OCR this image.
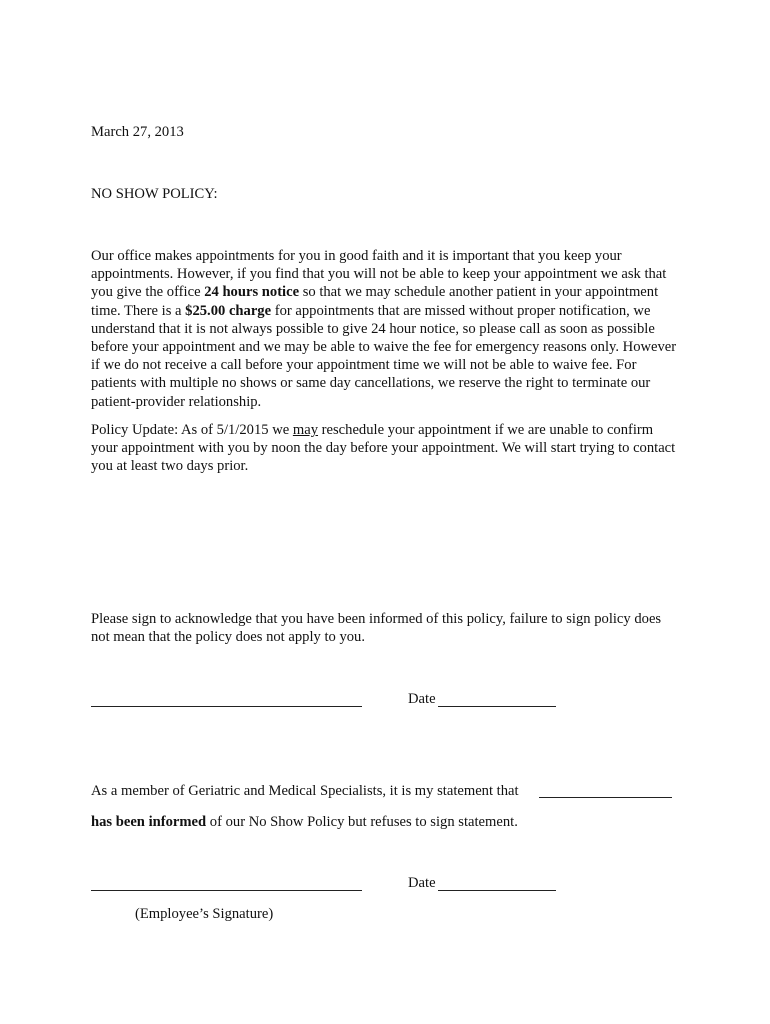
March 27, 2013
NO SHOW POLICY:

Our office makes appointments for you in good faith and it is important that you keep your appointments. However, if you find that you will not be able to keep your appointment we ask that you give the office 24 hours notice so that we may schedule another patient in your appointment time. There is a $25.00 charge for appointments that are missed without proper notification, we understand that it is not always possible to give 24 hour notice, so please call as soon as possible before your appointment and we may be able to waive the fee for emergency reasons only. However if we do not receive a call before your appointment time we will not be able to waive fee. For patients with multiple no shows or same day cancellations, we reserve the right to terminate our patient-provider relationship.

Policy Update: As of 5/1/2015 we may reschedule your appointment if we are unable to confirm your appointment with you by noon the day before your appointment. We will start trying to contact you at least two days prior.

Please sign to acknowledge that you have been informed of this policy, failure to sign policy does not mean that the policy does not apply to you.

Date
As a member of Geriatric and Medical Specialists, it is my statement that
has been informed of our No Show Policy but refuses to sign statement.
Date
(Employee’s Signature)
